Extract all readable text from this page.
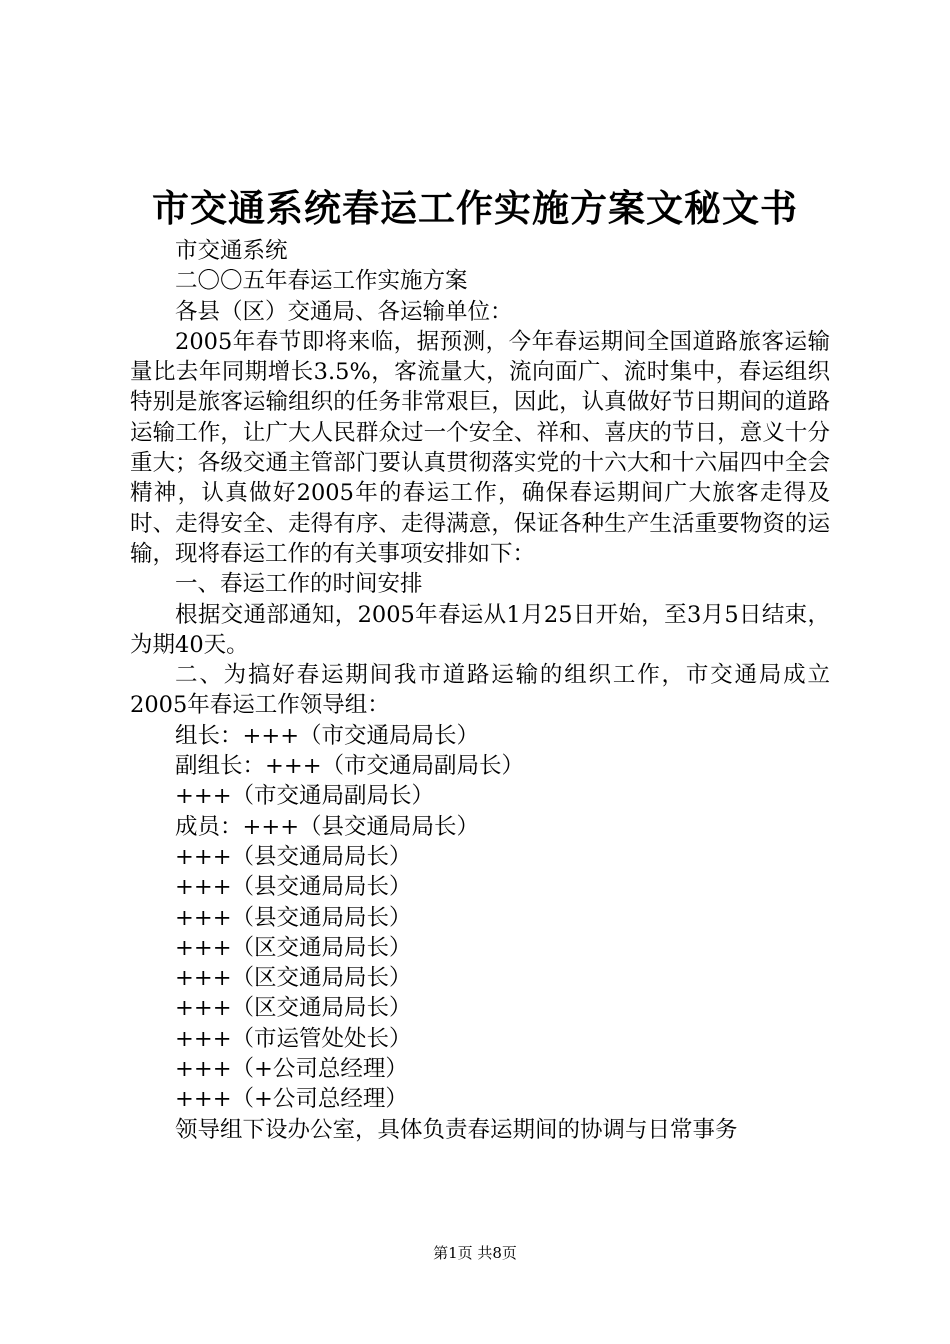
市交通系统春运工作实施方案文秘文书

市交通系统

二〇〇五年春运工作实施方案

各县（区）交通局、各运输单位：

2005年春节即将来临，据预测，今年春运期间全国道路旅客运输量比去年同期增长3.5%，客流量大，流向面广、流时集中，春运组织特别是旅客运输组织的任务非常艰巨，因此，认真做好节日期间的道路运输工作，让广大人民群众过一个安全、祥和、喜庆的节日，意义十分重大；各级交通主管部门要认真贯彻落实党的十六大和十六届四中全会精神，认真做好2005年的春运工作，确保春运期间广大旅客走得及时、走得安全、走得有序、走得满意，保证各种生产生活重要物资的运输，现将春运工作的有关事项安排如下：

一、春运工作的时间安排

根据交通部通知，2005年春运从1月25日开始，至3月5日结束，为期40天。

二、为搞好春运期间我市道路运输的组织工作，市交通局成立2005年春运工作领导组：

组长：+++（市交通局局长）

副组长：+++（市交通局副局长）

+++（市交通局副局长）

成员：+++（县交通局局长）

+++（县交通局局长）

+++（县交通局局长）

+++（县交通局局长）

+++（区交通局局长）

+++（区交通局局长）

+++（区交通局局长）

+++（市运管处处长）

+++（+公司总经理）

+++（+公司总经理）

领导组下设办公室，具体负责春运期间的协调与日常事务

第1页 共8页
